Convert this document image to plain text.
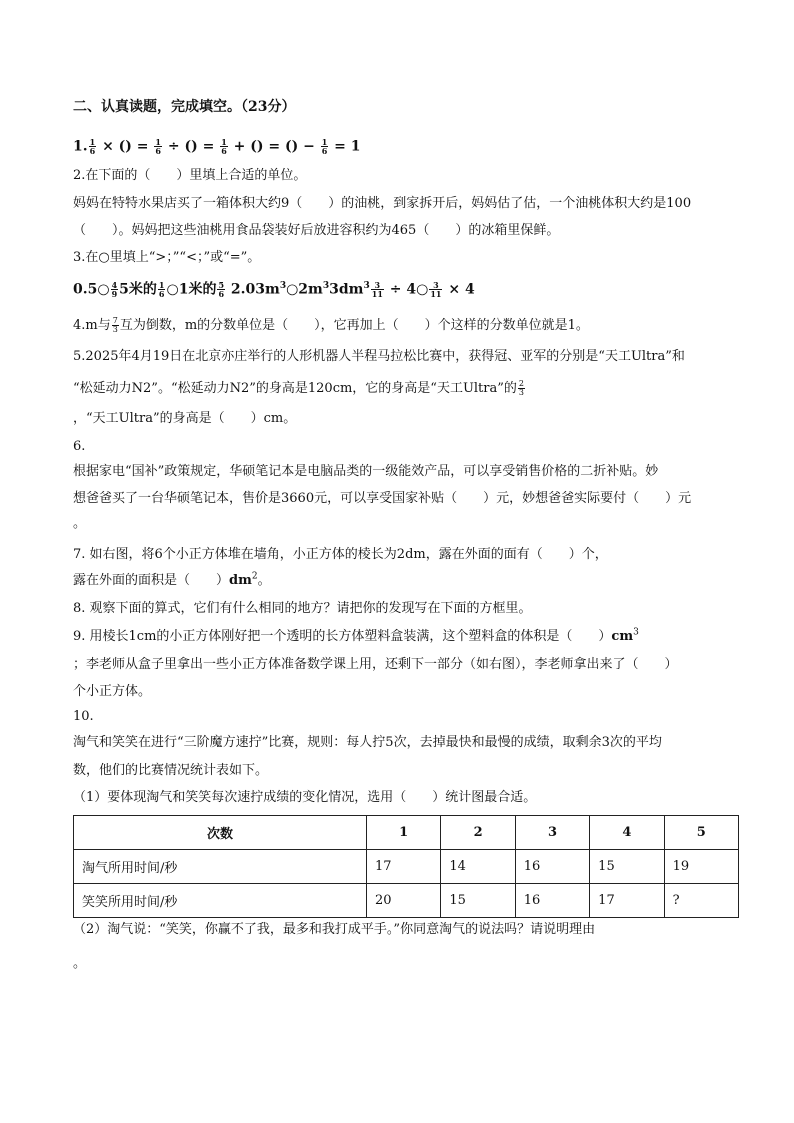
二、认真读题，完成填空。（23分）
1. $\frac{1}{6}$ × () = $\frac{1}{6}$ ÷ () = $\frac{1}{6}$ + () = () − $\frac{1}{6} = 1$
2.在下面的（　　）里填上合适的单位。
妈妈在特特水果店买了一箱体积大约9（　　）的油桃，到家拆开后，妈妈估了估，一个油桃体积大约是100
（　　）。妈妈把这些油桃用食品袋装好后放进容积约为465（　　）的冰箱里保鲜。
3.在○里填上“>；”“<；”或“=”。
0.5○ $\frac{4}{9} 5$米的 $\frac{1}{6}$ ○1米的 $\frac{5}{6}$ $2.03m^3○2m^33dm^3 \frac{3}{11}$ ÷ 4○ $\frac{3}{11} \times 4$
4.m与 $\frac{7}{3}$ 互为倒数，m的分数单位是（　　），它再加上（　　）个这样的分数单位就是1。
5.2025年4月19日在北京亦庄举行的人形机器人半程马拉松比赛中，获得冠、亚军的分别是“天工Ultra”和
“松延动力N2”。“松延动力N2”的身高是120cm，它的身高是“天工Ultra”的 $\frac{2}{3}$
，“天工Ultra”的身高是（　　）cm。
6.
根据家电“国补”政策规定，华硕笔记本是电脑品类的一级能效产品，可以享受销售价格的二折补贴。妙
想爸爸买了一台华硕笔记本，售价是3660元，可以享受国家补贴（　　）元，妙想爸爸实际要付（　　）元
。
7. 如右图，将6个小正方体堆在墙角，小正方体的棱长为2dm，露在外面的面有（　　）个，
露在外面的面积是（　　）$dm^2$。
8. 观察下面的算式，它们有什么相同的地方？请把你的发现写在下面的方框里。
9. 用棱长1cm的小正方体刚好把一个透明的长方体塑料盒装满，这个塑料盒的体积是（　　）$cm^3$
；李老师从盒子里拿出一些小正方体准备数学课上用，还剩下一部分（如右图），李老师拿出来了（　　）
个小正方体。
10.
淘气和笑笑在进行“三阶魔方速拧”比赛，规则：每人拧5次，去掉最快和最慢的成绩，取剩余3次的平均
数，他们的比赛情况统计表如下。
（1）要体现淘气和笑笑每次速拧成绩的变化情况，选用（　　）统计图最合适。
次数	1	2	3	4	5
淘气所用时间/秒	17	14	16	15	19
笑笑所用时间/秒	20	15	16	17	?
（2）淘气说：“笑笑，你赢不了我，最多和我打成平手。”你同意淘气的说法吗？请说明理由
。
